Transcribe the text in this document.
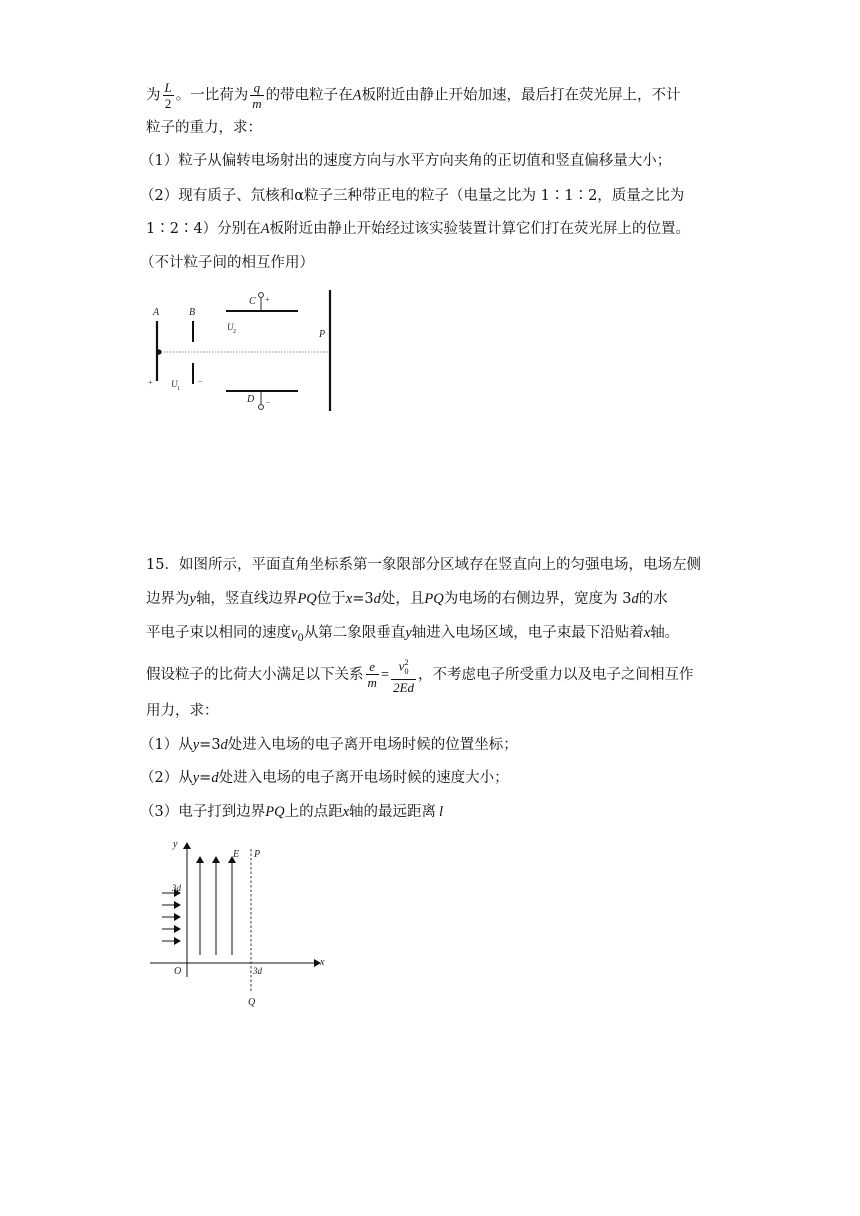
为 $\frac{L}{2}$ 。一比荷为 $\frac{q}{m}$ 的带电粒子在A板附近由静止开始加速，最后打在荧光屏上，不计
粒子的重力，求：
（1）粒子从偏转电场射出的速度方向与水平方向夹角的正切值和竖直偏移量大小；
（2）现有质子、氘核和α粒子三种带正电的粒子（电量之比为 1∶1∶2，质量之比为
1∶2∶4）分别在A板附近由静止开始经过该实验装置计算它们打在荧光屏上的位置。
（不计粒子间的相互作用）
A	B
C +
D −
P
U 2
U 1
+	−
15．如图所示，平面直角坐标系第一象限部分区域存在竖直向上的匀强电场，电场左侧
边界为y轴，竖直线边界PQ位于x=3d处，且PQ为电场的右侧边界，宽度为 3d的水
平电子束以相同的速度$v_0$从第二象限垂直y轴进入电场区域，电子束最下沿贴着x轴。
假设粒子的比荷大小满足以下关系 $\frac{e}{m} = \frac{v^2_0}{2Ed}$ ，不考虑电子所受重力以及电子之间相互作
用力，求：
（1）从y=3d处进入电场的电子离开电场时候的位置坐标；
（2）从y=d处进入电场的电子离开电场时候的速度大小；
（3）电子打到边界PQ上的点距x轴的最远距离 l
y
x
O
E P
Q
3d
3d
